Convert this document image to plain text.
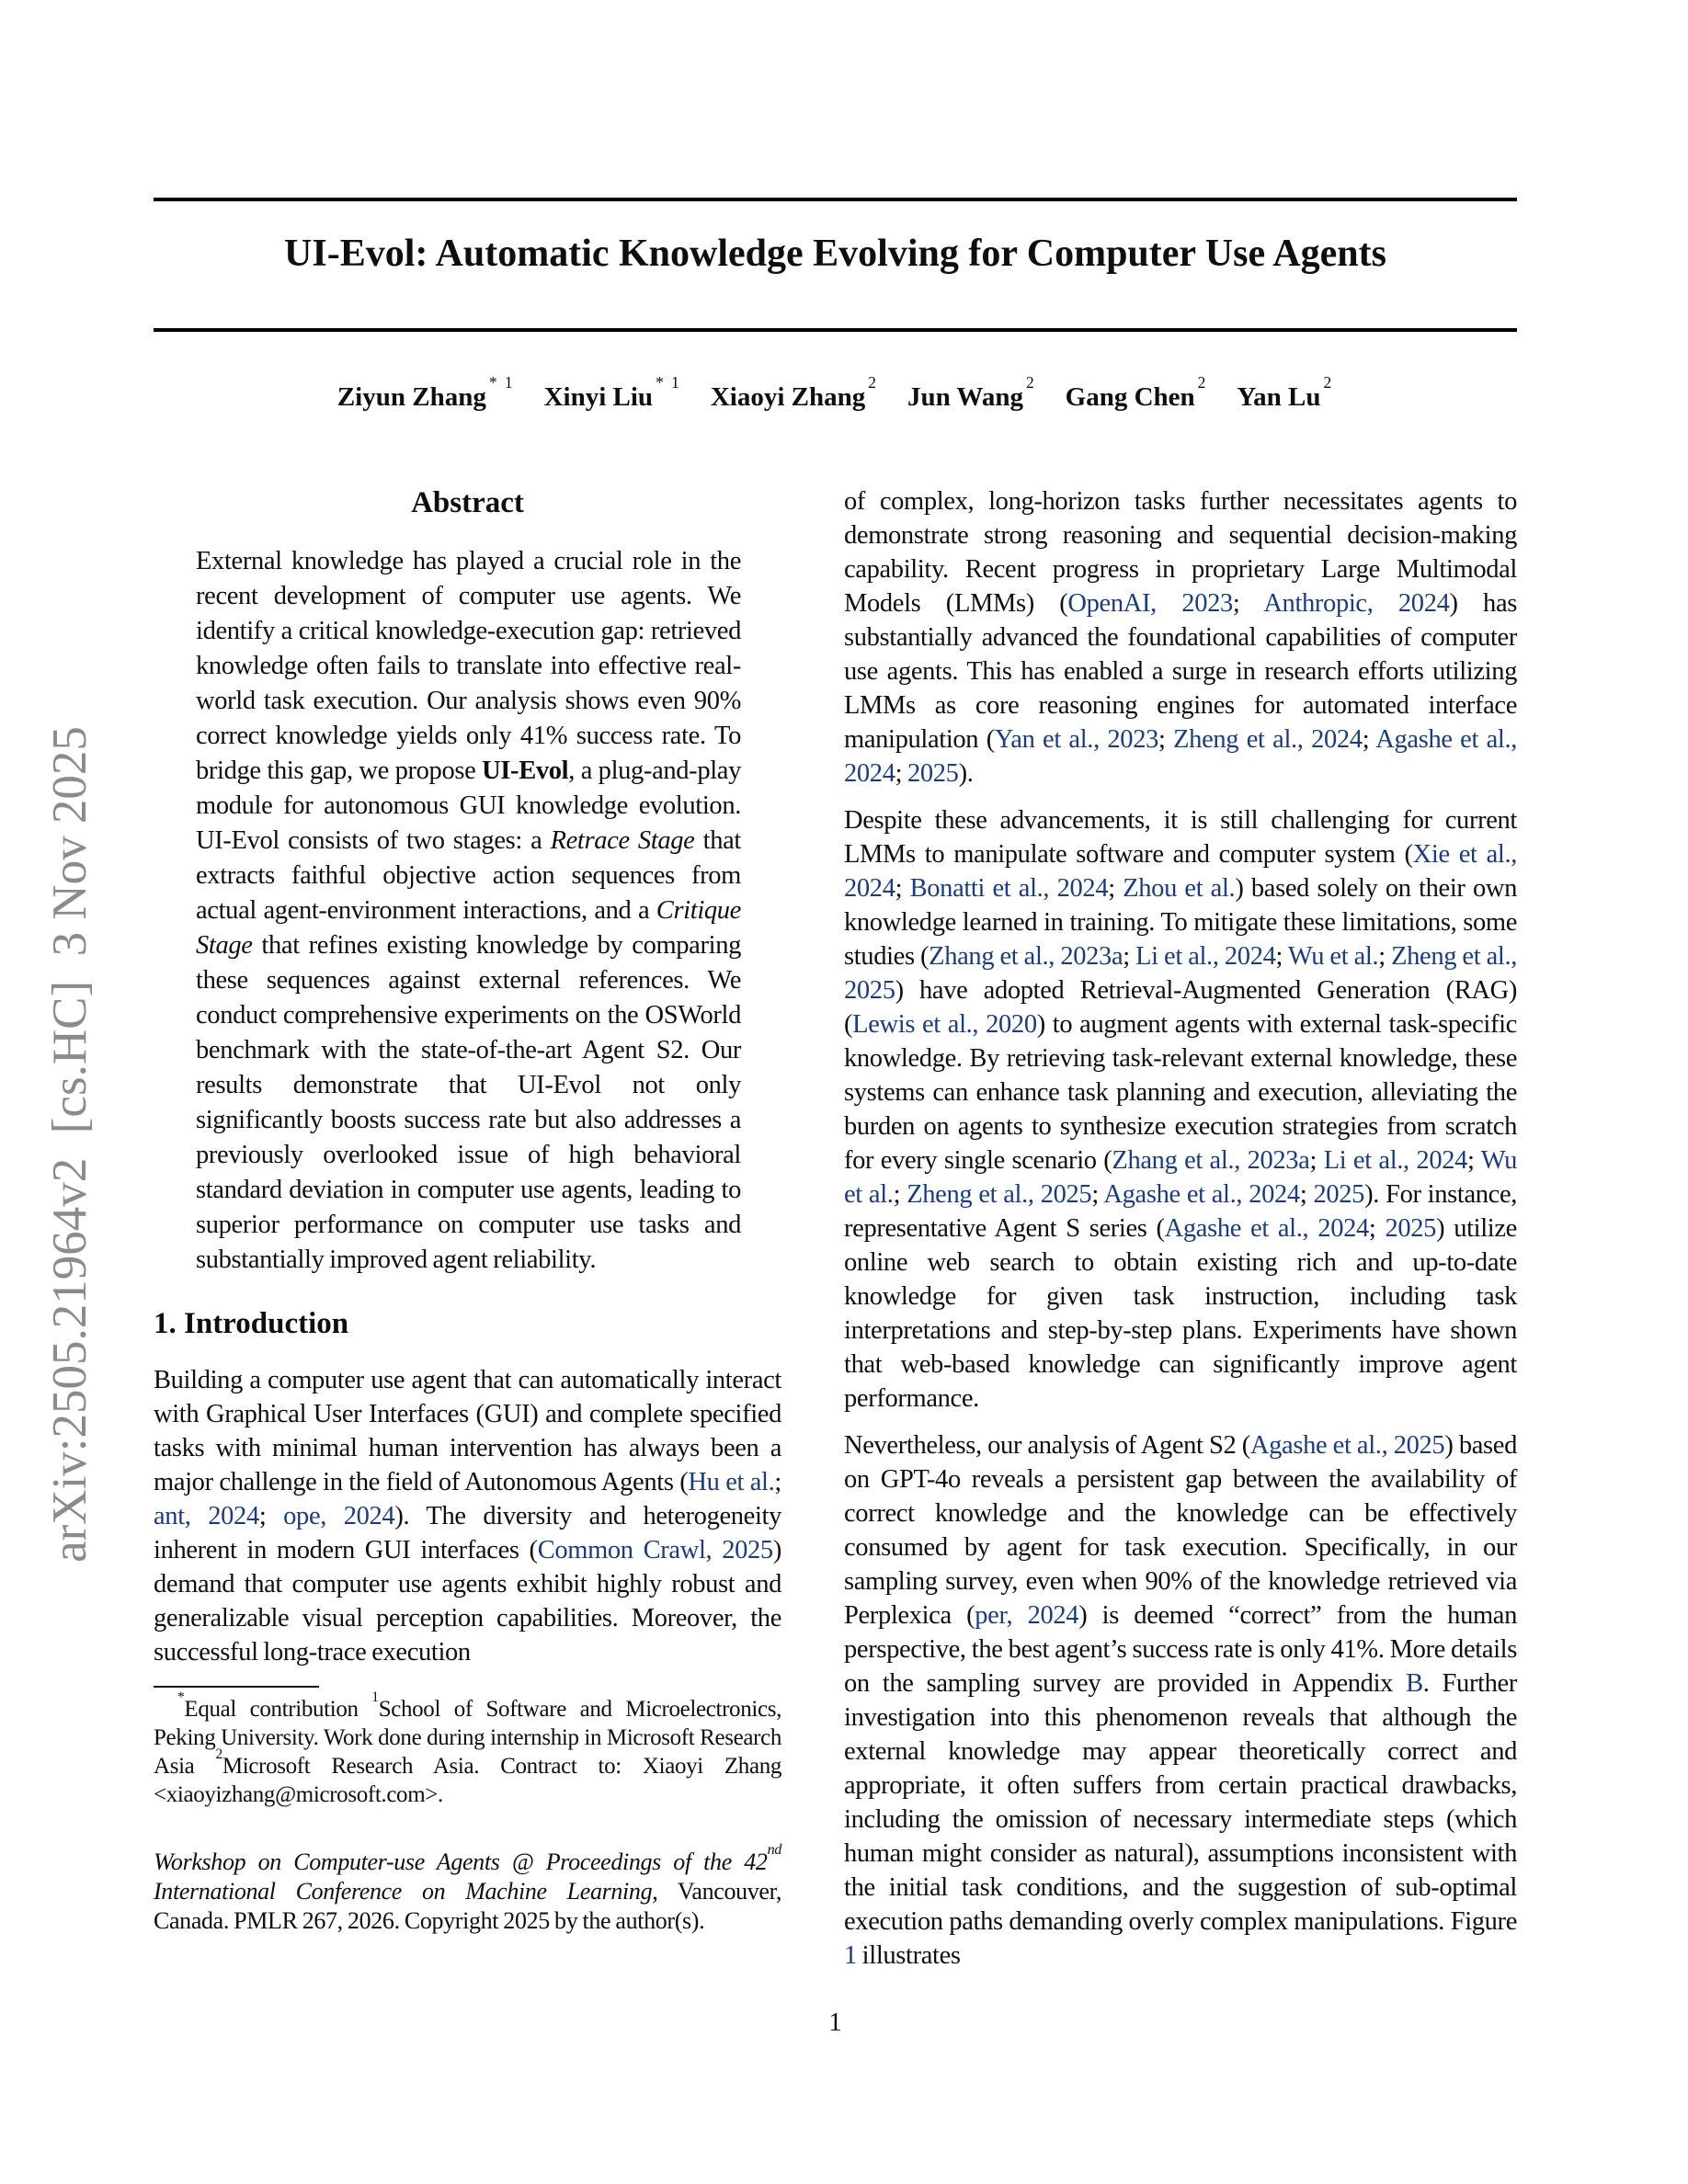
arXiv:2505.21964v2  [cs.HC]  3 Nov 2025
UI-Evol: Automatic Knowledge Evolving for Computer Use Agents
Ziyun Zhang$^{* 1}$Xinyi Liu$^{* 1}$Xiaoyi Zhang$^2$Jun Wang$^2$Gang Chen$^2$Yan Lu$^2$
Abstract
External knowledge has played a crucial role in the recent development of computer use agents. We identify a critical knowledge-execution gap: retrieved knowledge often fails to translate into effective real-world task execution. Our analysis shows even 90% correct knowledge yields only 41% success rate. To bridge this gap, we propose UI-Evol, a plug-and-play module for autonomous GUI knowledge evolution. UI-Evol consists of two stages: a Retrace Stage that extracts faithful objective action sequences from actual agent-environment interactions, and a Critique Stage that refines existing knowledge by comparing these sequences against external references. We conduct comprehensive experiments on the OSWorld benchmark with the state-of-the-art Agent S2. Our results demonstrate that UI-Evol not only significantly boosts success rate but also addresses a previously overlooked issue of high behavioral standard deviation in computer use agents, leading to superior performance on computer use tasks and substantially improved agent reliability.
1. Introduction
Building a computer use agent that can automatically interact with Graphical User Interfaces (GUI) and complete specified tasks with minimal human intervention has always been a major challenge in the field of Autonomous Agents (Hu et al.; ant, 2024; ope, 2024). The diversity and heterogeneity inherent in modern GUI interfaces (Common Crawl, 2025) demand that computer use agents exhibit highly robust and generalizable visual perception capabilities. Moreover, the successful long-trace execution
*Equal contribution $^1$School of Software and Microelectronics, Peking University. Work done during internship in Microsoft Research Asia $^2$Microsoft Research Asia. Contract to: Xiaoyi Zhang <xiaoyizhang@microsoft.com>.
Workshop on Computer-use Agents @ Proceedings of the 42nd International Conference on Machine Learning, Vancouver, Canada. PMLR 267, 2026. Copyright 2025 by the author(s).
of complex, long-horizon tasks further necessitates agents to demonstrate strong reasoning and sequential decision-making capability. Recent progress in proprietary Large Multimodal Models (LMMs) (OpenAI, 2023; Anthropic, 2024) has substantially advanced the foundational capabilities of computer use agents. This has enabled a surge in research efforts utilizing LMMs as core reasoning engines for automated interface manipulation (Yan et al., 2023; Zheng et al., 2024; Agashe et al., 2024; 2025).
Despite these advancements, it is still challenging for current LMMs to manipulate software and computer system (Xie et al., 2024; Bonatti et al., 2024; Zhou et al.) based solely on their own knowledge learned in training. To mitigate these limitations, some studies (Zhang et al., 2023a; Li et al., 2024; Wu et al.; Zheng et al., 2025) have adopted Retrieval-Augmented Generation (RAG) (Lewis et al., 2020) to augment agents with external task-specific knowledge. By retrieving task-relevant external knowledge, these systems can enhance task planning and execution, alleviating the burden on agents to synthesize execution strategies from scratch for every single scenario (Zhang et al., 2023a; Li et al., 2024; Wu et al.; Zheng et al., 2025; Agashe et al., 2024; 2025). For instance, representative Agent S series (Agashe et al., 2024; 2025) utilize online web search to obtain existing rich and up-to-date knowledge for given task instruction, including task interpretations and step-by-step plans. Experiments have shown that web-based knowledge can significantly improve agent performance.
Nevertheless, our analysis of Agent S2 (Agashe et al., 2025) based on GPT-4o reveals a persistent gap between the availability of correct knowledge and the knowledge can be effectively consumed by agent for task execution. Specifically, in our sampling survey, even when 90% of the knowledge retrieved via Perplexica (per, 2024) is deemed “correct” from the human perspective, the best agent’s success rate is only 41%. More details on the sampling survey are provided in Appendix B. Further investigation into this phenomenon reveals that although the external knowledge may appear theoretically correct and appropriate, it often suffers from certain practical drawbacks, including the omission of necessary intermediate steps (which human might consider as natural), assumptions inconsistent with the initial task conditions, and the suggestion of sub-optimal execution paths demanding overly complex manipulations. Figure 1 illustrates
1
